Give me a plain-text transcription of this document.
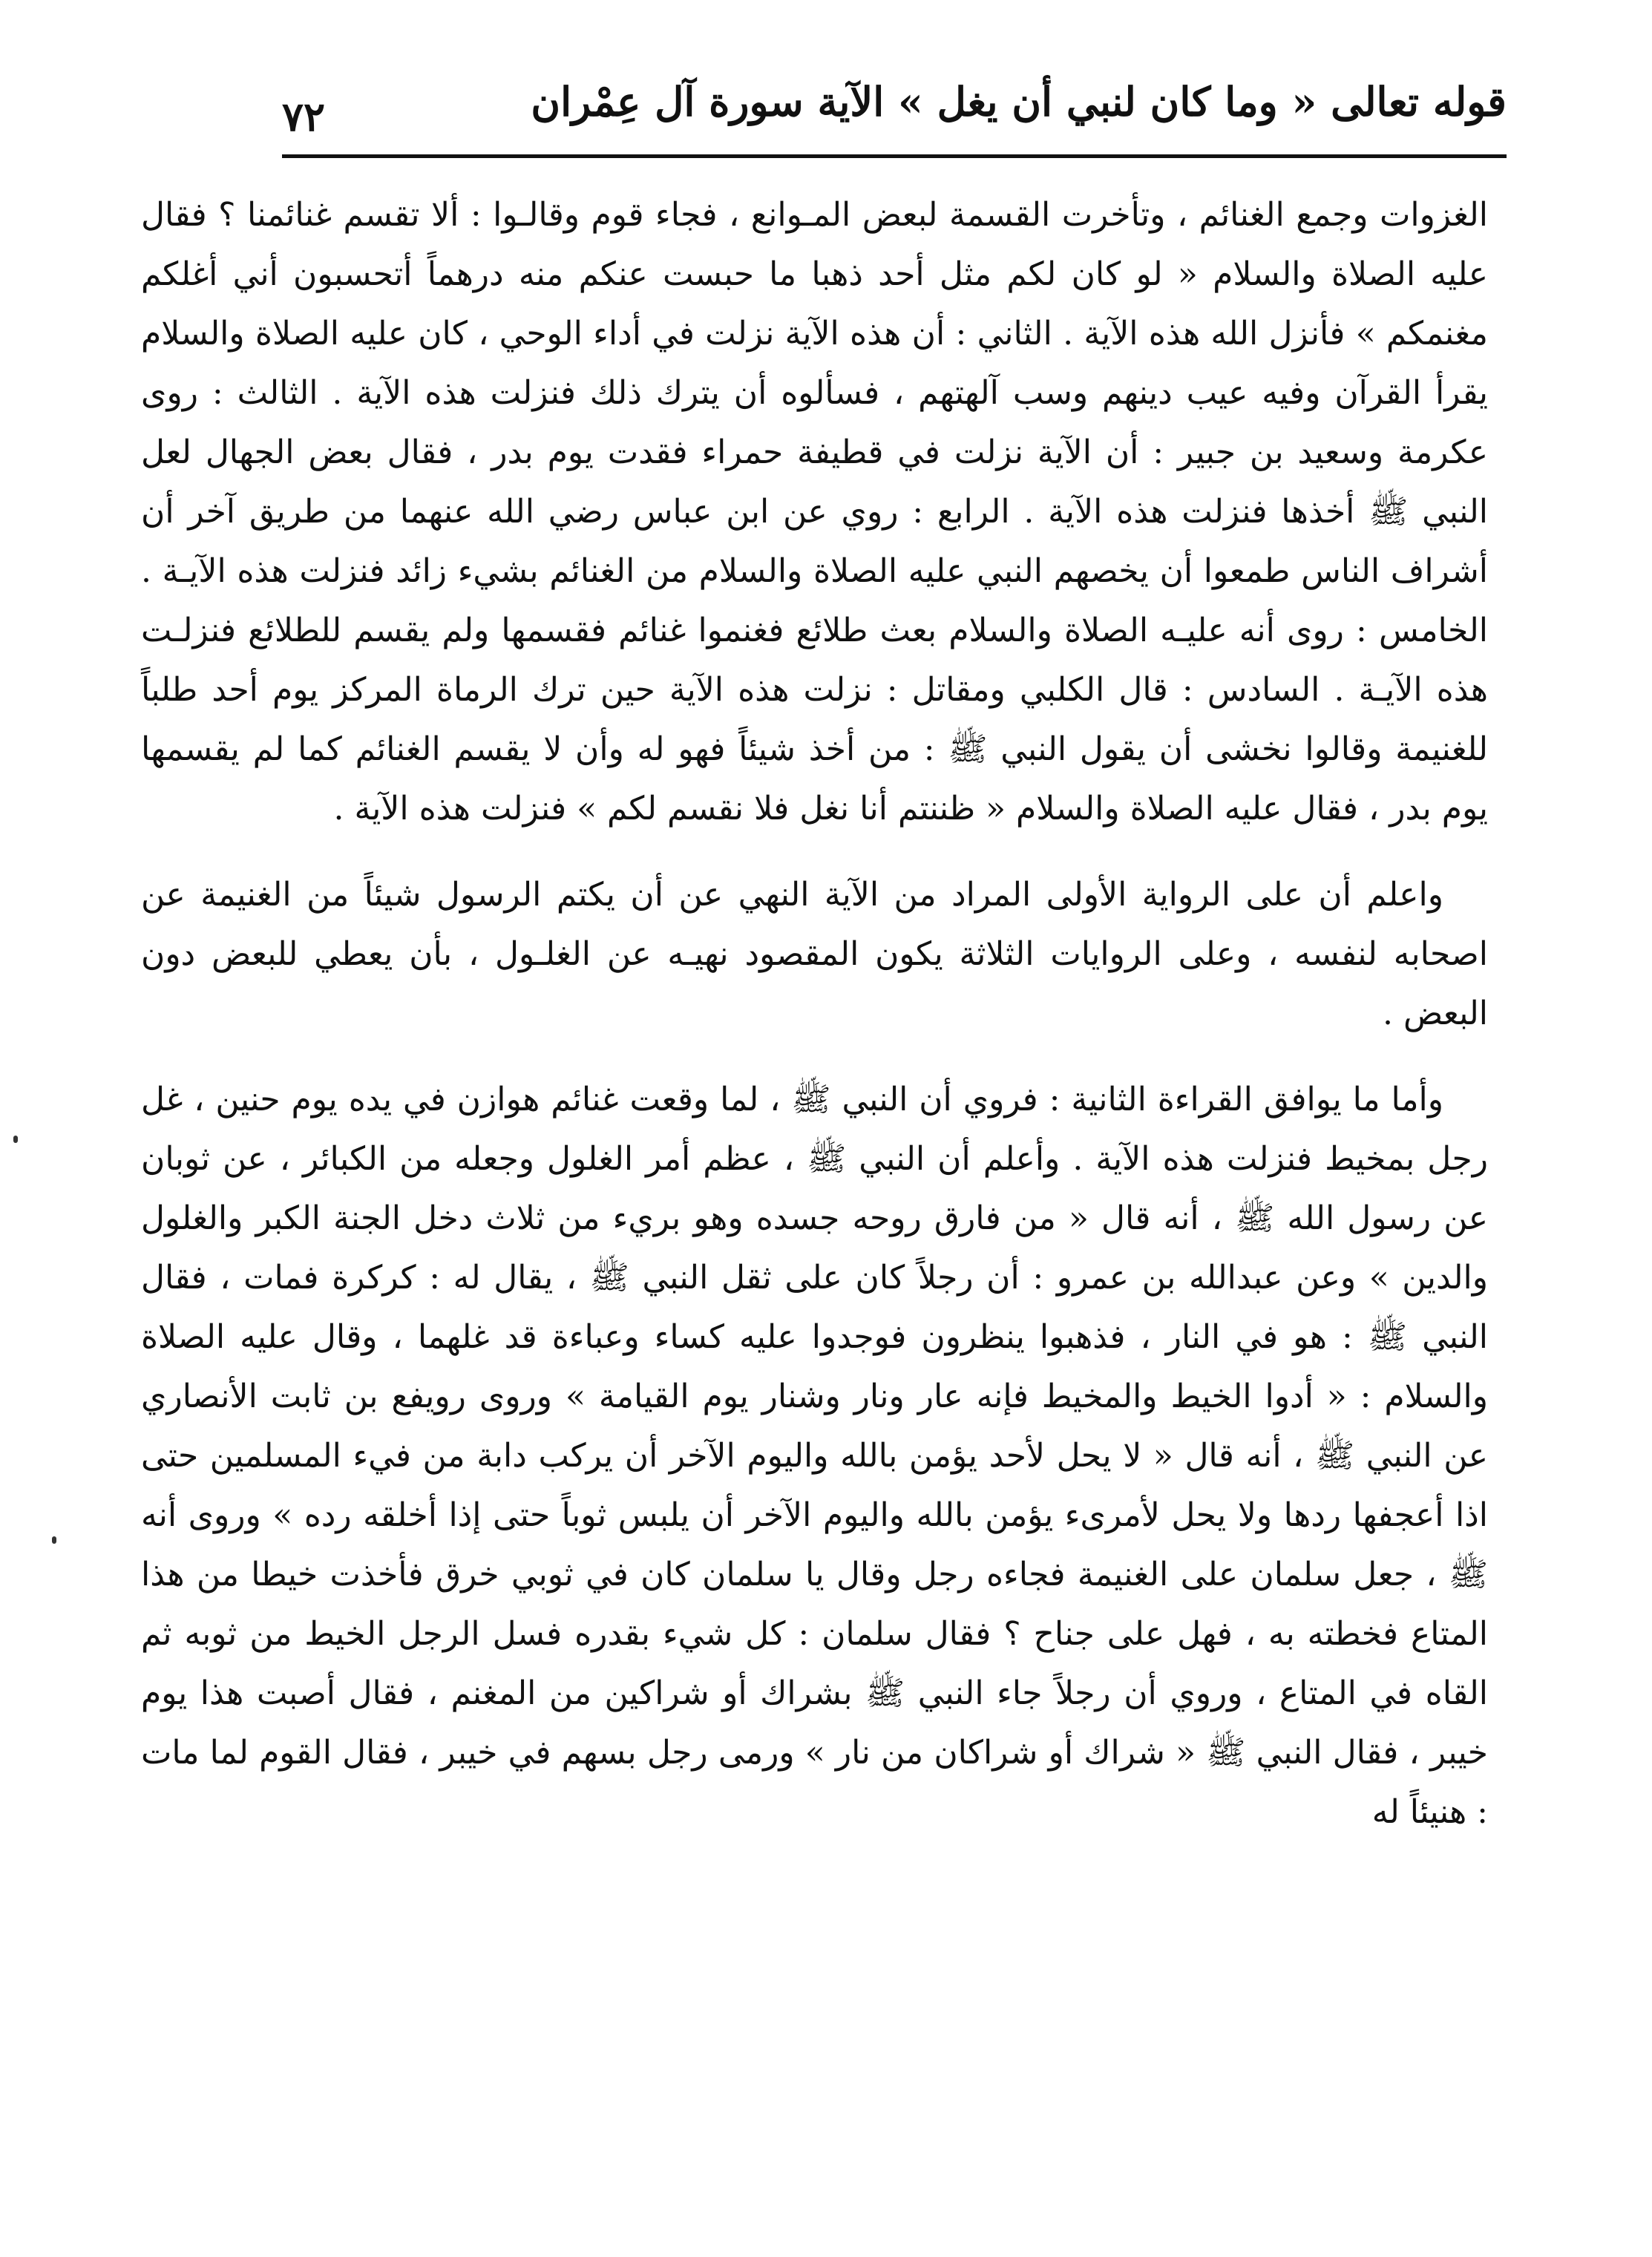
قوله تعالى « وما كان لنبي أن يغل » الآية سورة آل عِمْران
٧٢

الغزوات وجمع الغنائم ، وتأخرت القسمة لبعض المـوانع ، فجاء قوم وقالـوا : ألا تقسم غنائمنا ؟ فقال عليه الصلاة والسلام « لو كان لكم مثل أحد ذهبا ما حبست عنكم منه درهماً أتحسبون أني أغلكم مغنمكم » فأنزل الله هذه الآية . الثاني : أن هذه الآية نزلت في أداء الوحي ، كان عليه الصلاة والسلام يقرأ القرآن وفيه عيب دينهم وسب آلهتهم ، فسألوه أن يترك ذلك فنزلت هذه الآية . الثالث : روى عكرمة وسعيد بن جبير : أن الآية نزلت في قطيفة حمراء فقدت يوم بدر ، فقال بعض الجهال لعل النبي ﷺ أخذها فنزلت هذه الآية . الرابع : روي عن ابن عباس رضي الله عنهما من طريق آخر أن أشراف الناس طمعوا أن يخصهم النبي عليه الصلاة والسلام من الغنائم بشيء زائد فنزلت هذه الآيـة . الخامس : روى أنه عليـه الصلاة والسلام بعث طلائع فغنموا غنائم فقسمها ولم يقسم للطلائع فنزلـت هذه الآيـة . السادس : قال الكلبي ومقاتل : نزلت هذه الآية حين ترك الرماة المركز يوم أحد طلباً للغنيمة وقالوا نخشى أن يقول النبي ﷺ : من أخذ شيئاً فهو له وأن لا يقسم الغنائم كما لم يقسمها يوم بدر ، فقال عليه الصلاة والسلام « ظننتم أنا نغل فلا نقسم لكم » فنزلت هذه الآية .

واعلم أن على الرواية الأولى المراد من الآية النهي عن أن يكتم الرسول شيئاً من الغنيمة عن اصحابه لنفسه ، وعلى الروايات الثلاثة يكون المقصود نهيـه عن الغلـول ، بأن يعطي للبعض دون البعض .

وأما ما يوافق القراءة الثانية : فروي أن النبي ﷺ ، لما وقعت غنائم هوازن في يده يوم حنين ، غل رجل بمخيط فنزلت هذه الآية . وأعلم أن النبي ﷺ ، عظم أمر الغلول وجعله من الكبائر ، عن ثوبان عن رسول الله ﷺ ، أنه قال « من فارق روحه جسده وهو بريء من ثلاث دخل الجنة الكبر والغلول والدين » وعن عبدالله بن عمرو : أن رجلاً كان على ثقل النبي ﷺ ، يقال له : كركرة فمات ، فقال النبي ﷺ : هو في النار ، فذهبوا ينظرون فوجدوا عليه كساء وعباءة قد غلهما ، وقال عليه الصلاة والسلام : « أدوا الخيط والمخيط فإنه عار ونار وشنار يوم القيامة » وروى رويفع بن ثابت الأنصاري عن النبي ﷺ ، أنه قال « لا يحل لأحد يؤمن بالله واليوم الآخر أن يركب دابة من فيء المسلمين حتى اذا أعجفها ردها ولا يحل لأمرىء يؤمن بالله واليوم الآخر أن يلبس ثوباً حتى إذا أخلقه رده » وروى أنه ﷺ ، جعل سلمان على الغنيمة فجاءه رجل وقال يا سلمان كان في ثوبي خرق فأخذت خيطا من هذا المتاع فخطته به ، فهل على جناح ؟ فقال سلمان : كل شيء بقدره فسل الرجل الخيط من ثوبه ثم القاه في المتاع ، وروي أن رجلاً جاء النبي ﷺ بشراك أو شراكين من المغنم ، فقال أصبت هذا يوم خيبر ، فقال النبي ﷺ « شراك أو شراكان من نار » ورمى رجل بسهم في خيبر ، فقال القوم لما مات : هنيئاً له
